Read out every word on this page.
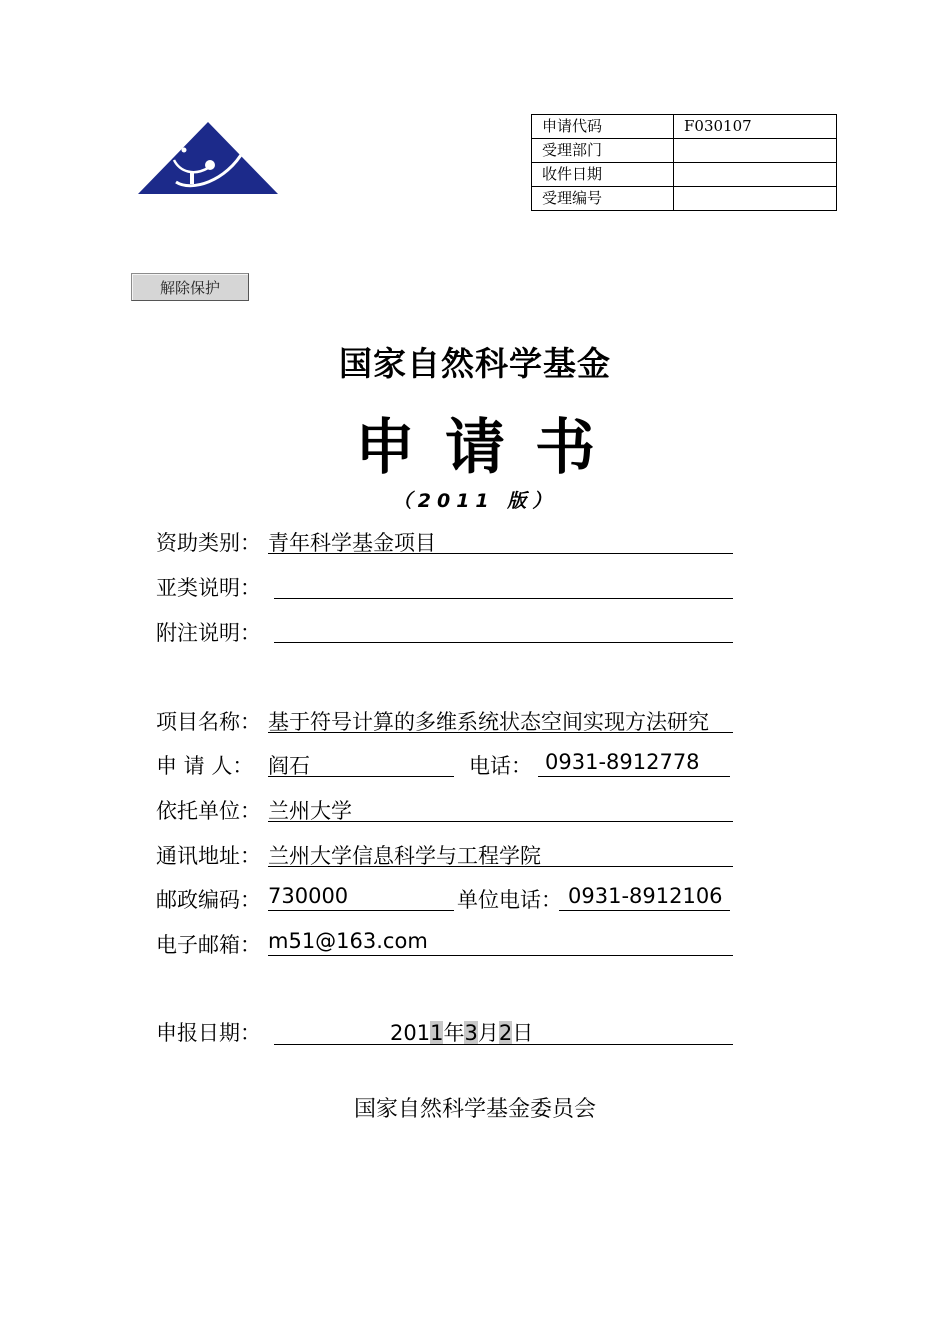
申请代码	F030107
受理部门	
收件日期	
受理编号	
解除保护
国家自然科学基金
申请书
（2011 版）
资助类别： 青年科学基金项目
亚类说明：
附注说明：
项目名称： 基于符号计算的多维系统状态空间实现方法研究
申 请 人： 阎石	电话： 0931-8912778
依托单位： 兰州大学
通讯地址： 兰州大学信息科学与工程学院
邮政编码： 730000	单位电话： 0931-8912106
电子邮箱： m51@163.com
申报日期：	2011年3月2日
国家自然科学基金委员会
